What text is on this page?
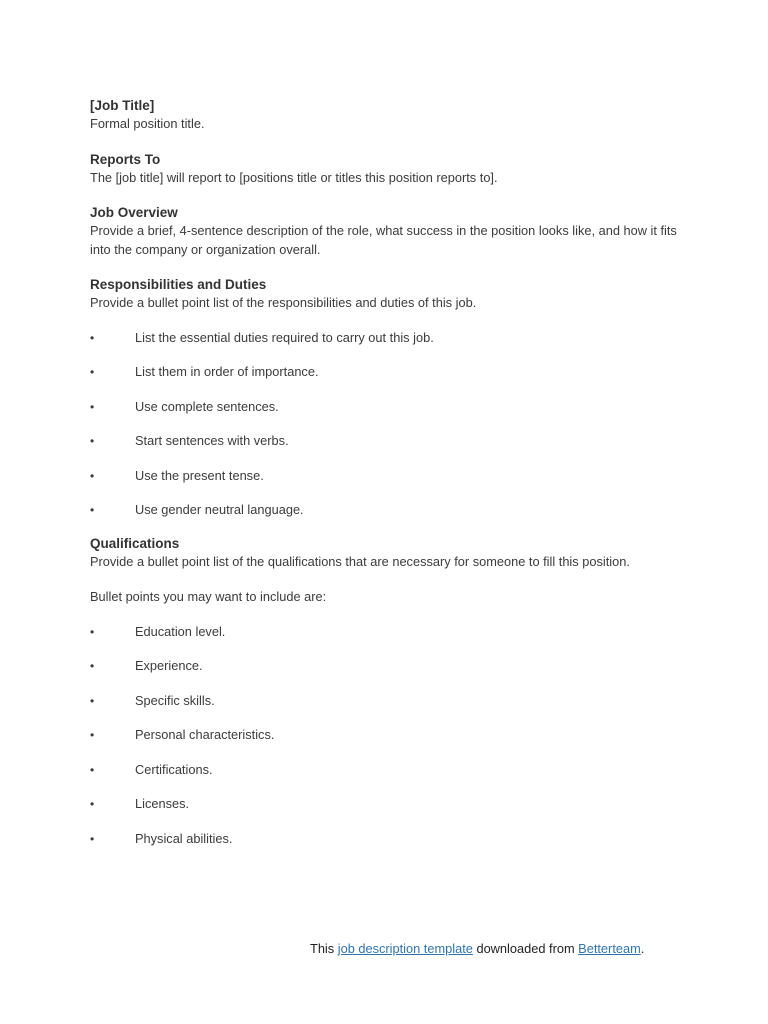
[Job Title]

Formal position title.

Reports To

The [job title] will report to [positions title or titles this position reports to].

Job Overview

Provide a brief, 4-sentence description of the role, what success in the position looks like, and how it fits into the company or organization overall.

Responsibilities and Duties

Provide a bullet point list of the responsibilities and duties of this job.

•	List the essential duties required to carry out this job.
•	List them in order of importance.
•	Use complete sentences.
•	Start sentences with verbs.
•	Use the present tense.
•	Use gender neutral language.

Qualifications

Provide a bullet point list of the qualifications that are necessary for someone to fill this position.

Bullet points you may want to include are:

•	Education level.
•	Experience.
•	Specific skills.
•	Personal characteristics.
•	Certifications.
•	Licenses.
•	Physical abilities.
This job description template downloaded from Betterteam.
